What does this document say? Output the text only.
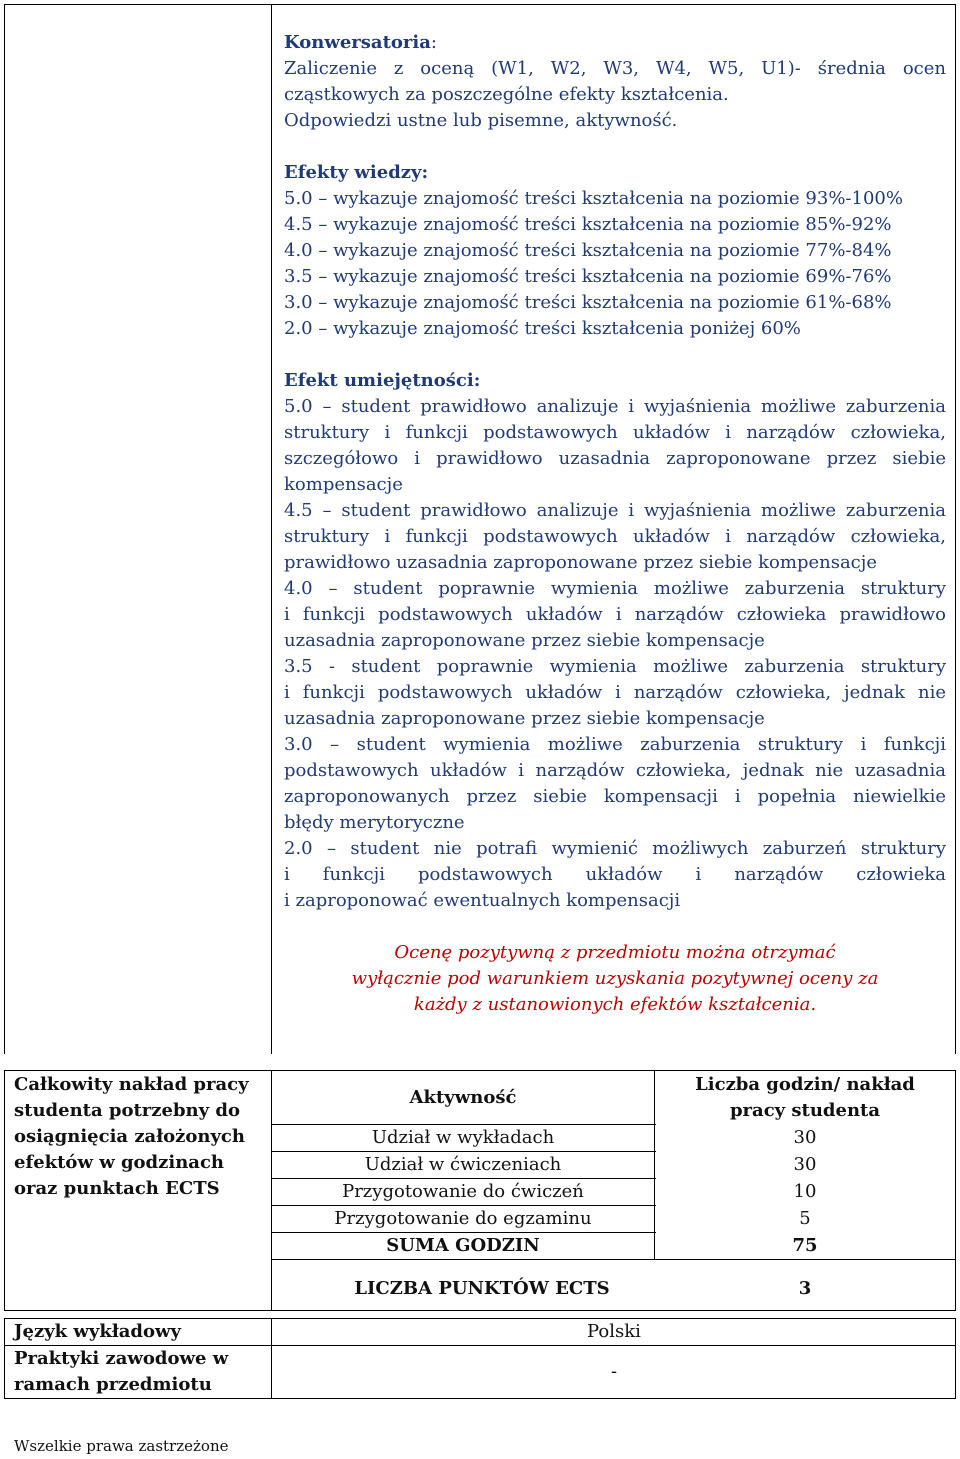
Konwersatoria:
Zaliczenie z oceną (W1, W2, W3, W4, W5, U1)- średnia ocen
cząstkowych za poszczególne efekty kształcenia.
Odpowiedzi ustne lub pisemne, aktywność.
Efekty wiedzy:
5.0 – wykazuje znajomość treści kształcenia na poziomie 93%-100%
4.5 – wykazuje znajomość treści kształcenia na poziomie 85%-92%
4.0 – wykazuje znajomość treści kształcenia na poziomie 77%-84%
3.5 – wykazuje znajomość treści kształcenia na poziomie 69%-76%
3.0 – wykazuje znajomość treści kształcenia na poziomie 61%-68%
2.0 – wykazuje znajomość treści kształcenia poniżej 60%
Efekt umiejętności:
5.0 – student prawidłowo analizuje i wyjaśnienia możliwe zaburzenia
struktury i funkcji podstawowych układów i narządów człowieka,
szczegółowo i prawidłowo uzasadnia zaproponowane przez siebie
kompensacje
4.5 – student prawidłowo analizuje i wyjaśnienia możliwe zaburzenia
struktury i funkcji podstawowych układów i narządów człowieka,
prawidłowo uzasadnia zaproponowane przez siebie kompensacje
4.0 – student poprawnie wymienia możliwe zaburzenia struktury
i funkcji podstawowych układów i narządów człowieka prawidłowo
uzasadnia zaproponowane przez siebie kompensacje
3.5 - student poprawnie wymienia możliwe zaburzenia struktury
i funkcji podstawowych układów i narządów człowieka, jednak nie
uzasadnia zaproponowane przez siebie kompensacje
3.0 – student wymienia możliwe zaburzenia struktury i funkcji
podstawowych układów i narządów człowieka, jednak nie uzasadnia
zaproponowanych przez siebie kompensacji i popełnia niewielkie
błędy merytoryczne
2.0 – student nie potrafi wymienić możliwych zaburzeń struktury
i funkcji podstawowych układów i narządów człowieka
i zaproponować ewentualnych kompensacji
Ocenę pozytywną z przedmiotu można otrzymać
wyłącznie pod warunkiem uzyskania pozytywnej oceny za
każdy z ustanowionych efektów kształcenia.
Całkowity nakład pracy
studenta potrzebny do
osiągnięcia założonych
efektów w godzinach
oraz punktach ECTS
Aktywność
Liczba godzin/ nakład
pracy studenta
Udział w wykładach	30
Udział w ćwiczeniach	30
Przygotowanie do ćwiczeń	10
Przygotowanie do egzaminu	5
SUMA GODZIN	75
LICZBA PUNKTÓW ECTS	3
Język wykładowy	Polski
Praktyki zawodowe w
ramach przedmiotu
-
Wszelkie prawa zastrzeżone
